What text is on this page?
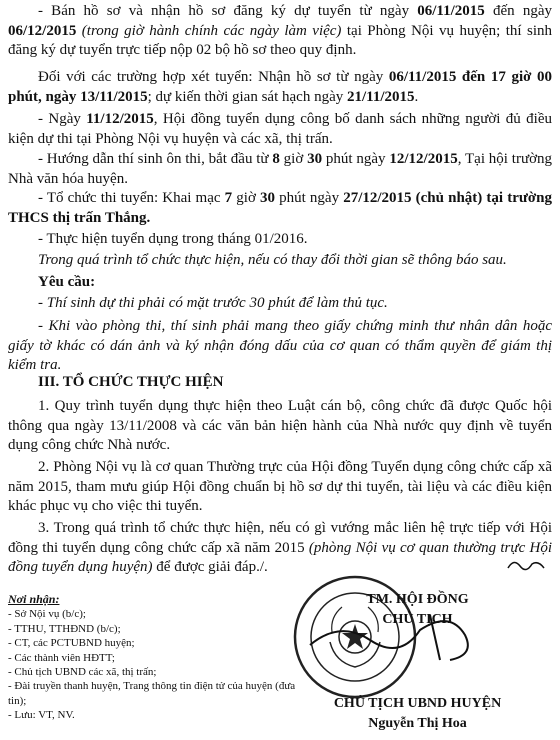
- Bán hồ sơ và nhận hồ sơ đăng ký dự tuyển từ ngày 06/11/2015 đến ngày 06/12/2015 (trong giờ hành chính các ngày làm việc) tại Phòng Nội vụ huyện; thí sinh đăng ký dự tuyển trực tiếp nộp 02 bộ hồ sơ theo quy định.
Đối với các trường hợp xét tuyển: Nhận hồ sơ từ ngày 06/11/2015 đến 17 giờ 00 phút, ngày 13/11/2015; dự kiến thời gian sát hạch ngày 21/11/2015.
- Ngày 11/12/2015, Hội đồng tuyển dụng công bố danh sách những người đủ điều kiện dự thi tại Phòng Nội vụ huyện và các xã, thị trấn.
- Hướng dẫn thí sinh ôn thi, bắt đầu từ 8 giờ 30 phút ngày 12/12/2015, Tại hội trường Nhà văn hóa huyện.
- Tổ chức thi tuyển: Khai mạc 7 giờ 30 phút ngày 27/12/2015 (chủ nhật) tại trường THCS thị trấn Thắng.
- Thực hiện tuyển dụng trong tháng 01/2016.
Trong quá trình tổ chức thực hiện, nếu có thay đổi thời gian sẽ thông báo sau.
Yêu cầu:
- Thí sinh dự thi phải có mặt trước 30 phút để làm thủ tục.
- Khi vào phòng thi, thí sinh phải mang theo giấy chứng minh thư nhân dân hoặc giấy tờ khác có dán ảnh và ký nhận đóng dấu của cơ quan có thẩm quyền để giám thị kiểm tra.
III. TỔ CHỨC THỰC HIỆN
1. Quy trình tuyển dụng thực hiện theo Luật cán bộ, công chức đã được Quốc hội thông qua ngày 13/11/2008 và các văn bản hiện hành của Nhà nước quy định về tuyển dụng công chức Nhà nước.
2. Phòng Nội vụ là cơ quan Thường trực của Hội đồng Tuyển dụng công chức cấp xã năm 2015, tham mưu giúp Hội đồng chuẩn bị hồ sơ dự thi tuyển, tài liệu và các điều kiện khác phục vụ cho việc thi tuyển.
3. Trong quá trình tổ chức thực hiện, nếu có gì vướng mắc liên hệ trực tiếp với Hội đồng thi tuyển dụng công chức cấp xã năm 2015 (phòng Nội vụ cơ quan thường trực Hội đồng tuyển dụng huyện) để được giải đáp./.
Nơi nhận:
- Sở Nội vụ (b/c);
- TTHU, TTHĐND (b/c);
- CT, các PCTUBND huyện;
- Các thành viên HĐTT;
- Chủ tịch UBND các xã, thị trấn;
- Đài truyền thanh huyện, Trang thông tin điện tử của huyện (đưa tin);
- Lưu: VT, NV.
TM. HỘI ĐỒNG
CHỦ TỊCH
CHỦ TỊCH UBND HUYỆN
Nguyễn Thị Hoa
